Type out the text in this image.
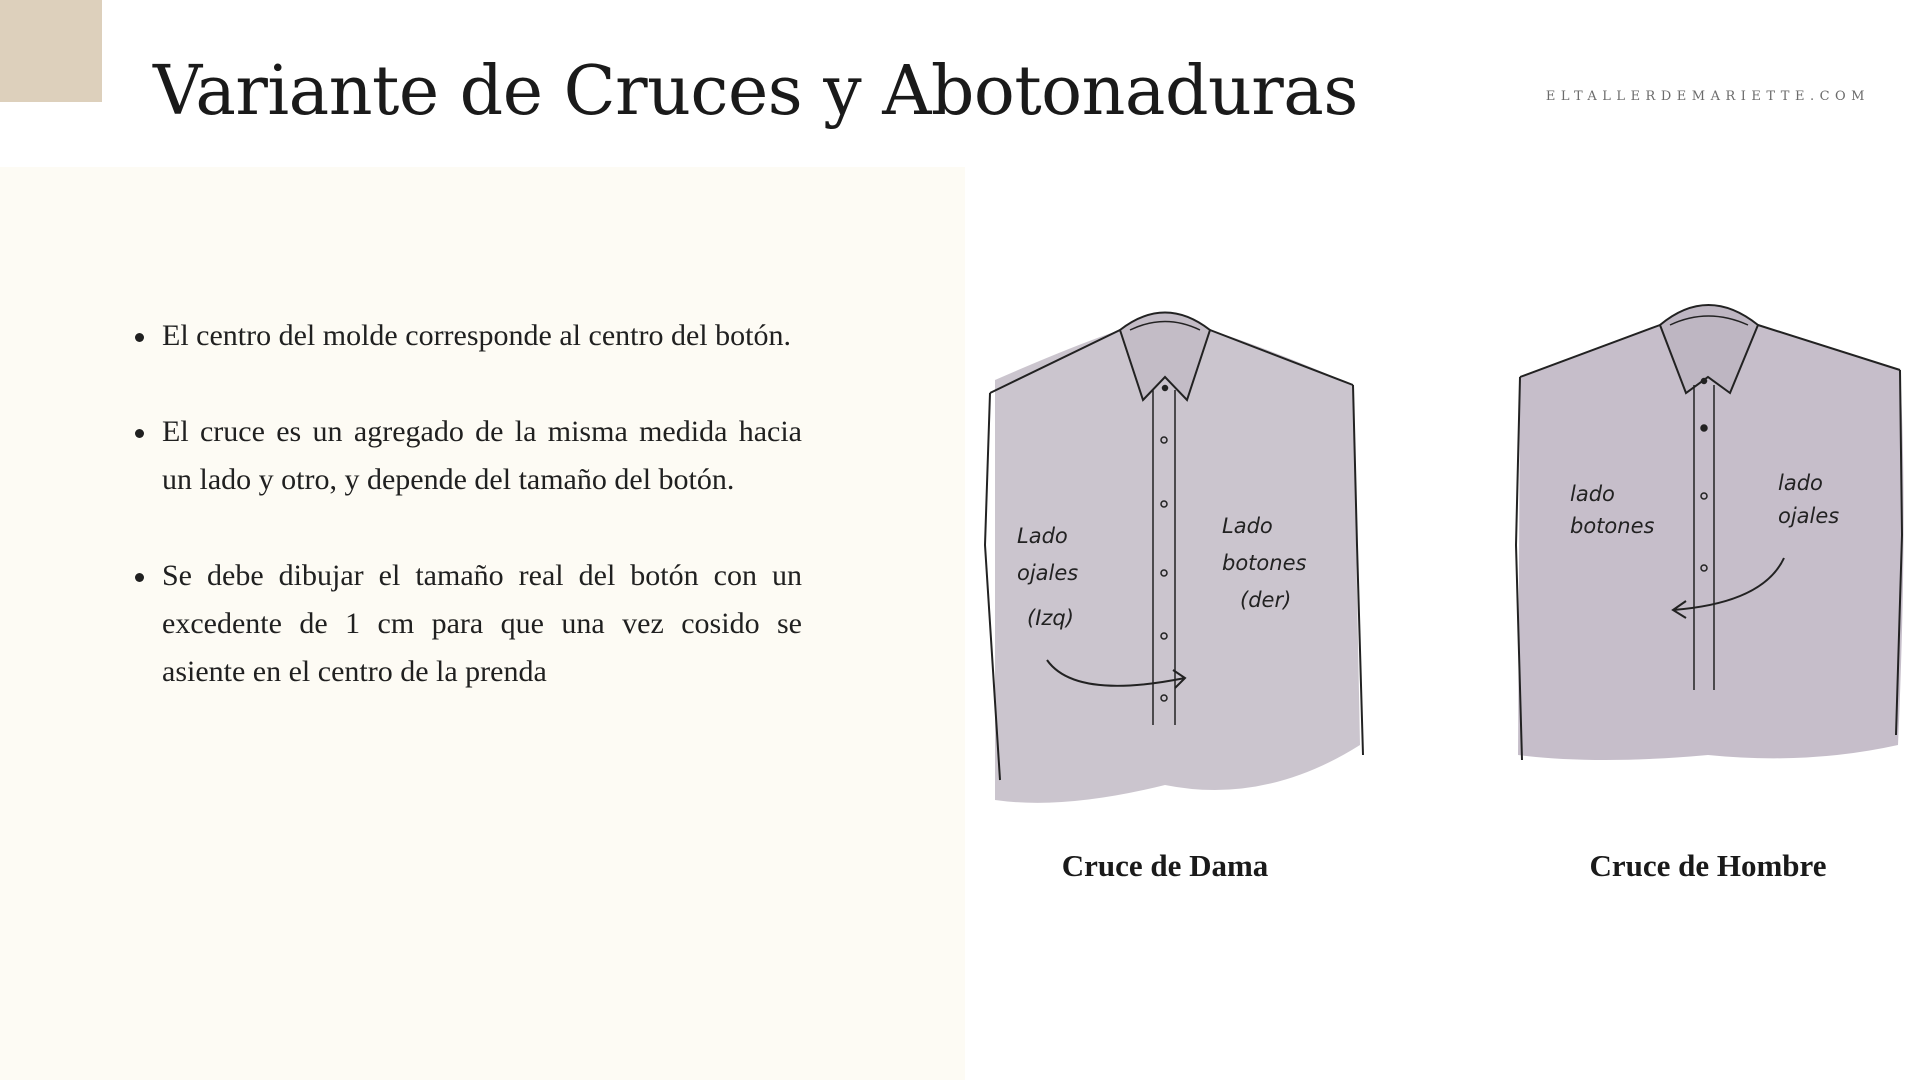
Variante de Cruces y Abotonaduras	ELTALLERDEMARIETTE.COM
El centro del molde corresponde al centro del botón.
El cruce es un agregado de la misma medida hacia un lado y otro, y depende del tamaño del botón.
Se debe dibujar el tamaño real del botón con un excedente de 1 cm para que una vez cosido se asiente en el centro de la prenda
Lado
ojales
(Izq)
Lado
botones
(der)
Cruce de Dama
lado
botones
lado
ojales
Cruce de Hombre
